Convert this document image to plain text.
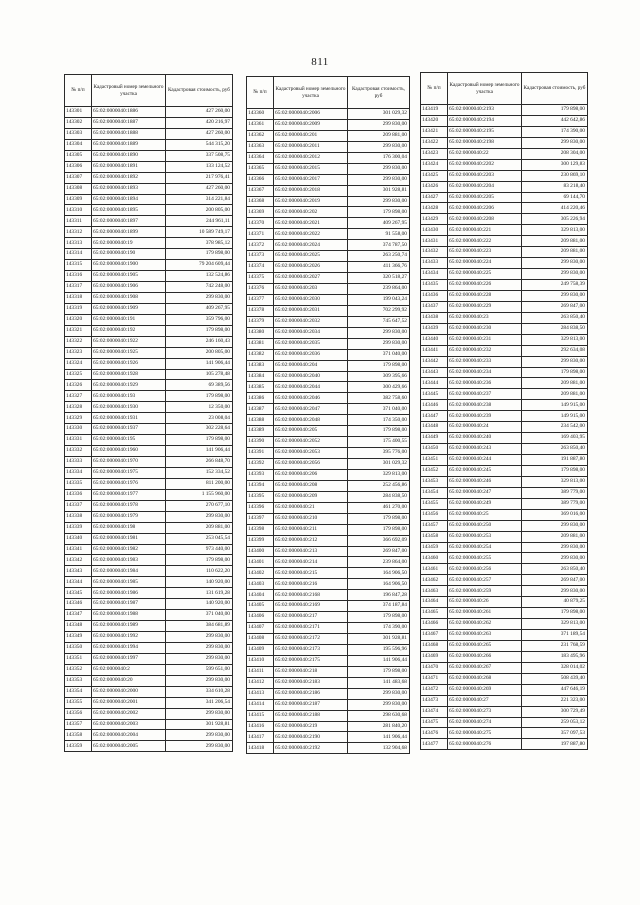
811
№ п/п	Кадастровый номер земельного участка	Кадастровая стоимость, руб
143301	65:02:0000040:1886	427 260,00
143302	65:02:0000040:1887	420 216,97
143303	65:02:0000040:1888	427 260,00
143304	65:02:0000040:1889	544 315,20
143305	65:02:0000040:1890	337 508,75
143306	65:02:0000040:1891	133 124,52
143307	65:02:0000040:1892	217 976,41
143308	65:02:0000040:1893	427 260,00
143309	65:02:0000040:1894	314 221,84
143310	65:02:0000040:1895	200 805,00
143311	65:02:0000040:1897	244 961,11
143312	65:02:0000040:1899	10 589 749,17
143313	65:02:0000040:19	378 985,12
143314	65:02:0000040:190	179 898,00
143315	65:02:0000040:1900	79 204 609,44
143316	65:02:0000040:1905	132 524,86
143317	65:02:0000040:1906	742 248,00
143318	65:02:0000040:1908	299 830,00
143319	65:02:0000040:1909	409 267,95
143320	65:02:0000040:191	359 796,00
143321	65:02:0000040:192	179 898,00
143322	65:02:0000040:1922	246 160,43
143323	65:02:0000040:1925	200 805,00
143324	65:02:0000040:1926	141 906,44
143325	65:02:0000040:1928	105 278,48
143326	65:02:0000040:1929	69 389,56
143327	65:02:0000040:193	179 898,00
143328	65:02:0000040:1930	12 350,00
143329	65:02:0000040:1931	23 008,04
143330	65:02:0000040:1937	302 228,64
143331	65:02:0000040:195	179 898,00
143332	65:02:0000040:1960	141 906,44
143333	65:02:0000040:1970	266 848,70
143334	65:02:0000040:1975	152 334,52
143335	65:02:0000040:1976	811 200,00
143336	65:02:0000040:1977	1 155 960,00
143337	65:02:0000040:1978	270 677,10
143338	65:02:0000040:1979	299 830,00
143339	65:02:0000040:198	209 881,00
143340	65:02:0000040:1981	253 045,54
143341	65:02:0000040:1982	973 440,00
143342	65:02:0000040:1983	179 898,00
143343	65:02:0000040:1984	110 622,20
143344	65:02:0000040:1985	140 920,00
143345	65:02:0000040:1986	131 619,28
143346	65:02:0000040:1987	140 920,00
143347	65:02:0000040:1988	371 040,00
143348	65:02:0000040:1989	384 681,89
143349	65:02:0000040:1992	299 830,00
143350	65:02:0000040:1994	299 830,00
143351	65:02:0000040:1997	299 830,00
143352	65:02:0000040:2	599 651,00
143353	65:02:0000040:20	299 830,00
143354	65:02:0000040:2000	334 610,28
143355	65:02:0000040:2001	341 206,54
143356	65:02:0000040:2002	299 830,00
143357	65:02:0000040:2003	301 928,81
143358	65:02:0000040:2004	299 830,00
143359	65:02:0000040:2005	299 830,00
№ п/п	Кадастровый номер земельного участка	Кадастровая стоимость, руб
143360	65:02:0000040:2006	301 029,32
143361	65:02:0000040:2009	299 830,00
143362	65:02:0000040:201	209 881,00
143363	65:02:0000040:2011	299 830,00
143364	65:02:0000040:2012	176 300,04
143365	65:02:0000040:2015	299 830,00
143366	65:02:0000040:2017	299 830,00
143367	65:02:0000040:2018	301 928,81
143368	65:02:0000040:2019	299 830,00
143369	65:02:0000040:202	179 898,00
143370	65:02:0000040:2021	409 267,95
143371	65:02:0000040:2022	91 558,00
143372	65:02:0000040:2024	374 787,50
143373	65:02:0000040:2025	263 250,74
143374	65:02:0000040:2026	411 366,76
143375	65:02:0000040:2027	320 518,27
143376	65:02:0000040:203	239 864,00
143377	65:02:0000040:2030	199 043,24
143378	65:02:0000040:2031	702 299,92
143379	65:02:0000040:2032	745 647,52
143380	65:02:0000040:2034	299 830,00
143381	65:02:0000040:2035	299 830,00
143382	65:02:0000040:2036	371 040,00
143383	65:02:0000040:204	179 898,00
143384	65:02:0000040:2040	309 395,66
143385	65:02:0000040:2044	300 429,66
143386	65:02:0000040:2046	382 758,60
143387	65:02:0000040:2047	371 040,00
143388	65:02:0000040:2048	174 350,00
143389	65:02:0000040:205	179 898,00
143390	65:02:0000040:2052	175 400,55
143391	65:02:0000040:2053	395 776,00
143392	65:02:0000040:2056	301 029,32
143393	65:02:0000040:206	329 813,00
143394	65:02:0000040:208	252 456,86
143395	65:02:0000040:209	284 838,50
143396	65:02:0000040:21	461 270,00
143397	65:02:0000040:210	179 898,00
143398	65:02:0000040:211	179 898,00
143399	65:02:0000040:212	366 692,09
143400	65:02:0000040:213	269 847,00
143401	65:02:0000040:214	239 864,00
143402	65:02:0000040:215	164 906,50
143403	65:02:0000040:216	164 906,50
143404	65:02:0000040:2168	196 847,28
143405	65:02:0000040:2169	374 187,84
143406	65:02:0000040:217	179 898,00
143407	65:02:0000040:2171	174 390,00
143408	65:02:0000040:2172	301 928,81
143409	65:02:0000040:2173	195 596,96
143410	65:02:0000040:2175	141 906,44
143411	65:02:0000040:218	179 898,00
143412	65:02:0000040:2183	141 483,68
143413	65:02:0000040:2186	299 830,00
143414	65:02:0000040:2187	299 830,00
143415	65:02:0000040:2188	298 630,68
143416	65:02:0000040:219	281 840,20
143417	65:02:0000040:2190	141 906,44
143418	65:02:0000040:2192	132 904,68
№ п/п	Кадастровый номер земельного участка	Кадастровая стоимость, руб
143419	65:02:0000040:2193	179 898,00
143420	65:02:0000040:2194	442 642,86
143421	65:02:0000040:2195	174 390,00
143422	65:02:0000040:2198	299 830,00
143423	65:02:0000040:22	208 304,00
143424	65:02:0000040:2202	300 129,83
143425	65:02:0000040:2203	230 869,10
143426	65:02:0000040:2204	83 218,40
143427	65:02:0000040:2205	69 144,70
143428	65:02:0000040:2206	414 220,46
143429	65:02:0000040:2208	305 226,94
143430	65:02:0000040:221	329 813,00
143431	65:02:0000040:222	209 881,00
143432	65:02:0000040:223	209 881,00
143433	65:02:0000040:224	299 830,00
143434	65:02:0000040:225	299 830,00
143435	65:02:0000040:226	249 758,39
143436	65:02:0000040:228	299 830,00
143437	65:02:0000040:229	269 847,00
143438	65:02:0000040:23	263 850,40
143439	65:02:0000040:230	284 838,50
143440	65:02:0000040:231	329 813,00
143441	65:02:0000040:232	292 634,08
143442	65:02:0000040:233	299 830,00
143443	65:02:0000040:234	179 898,00
143444	65:02:0000040:236	209 881,00
143445	65:02:0000040:237	209 881,00
143446	65:02:0000040:238	149 915,00
143447	65:02:0000040:239	149 915,00
143448	65:02:0000040:24	234 542,00
143449	65:02:0000040:240	169 403,95
143450	65:02:0000040:243	263 850,40
143451	65:02:0000040:244	191 887,80
143452	65:02:0000040:245	179 898,00
143453	65:02:0000040:246	329 813,00
143454	65:02:0000040:247	389 779,00
143455	65:02:0000040:249	389 779,00
143456	65:02:0000040:25	369 016,00
143457	65:02:0000040:250	299 830,00
143458	65:02:0000040:253	209 881,00
143459	65:02:0000040:254	299 830,00
143460	65:02:0000040:255	299 830,00
143461	65:02:0000040:256	263 850,40
143462	65:02:0000040:257	269 847,00
143463	65:02:0000040:259	299 830,00
143464	65:02:0000040:26	40 879,25
143465	65:02:0000040:261	179 898,00
143466	65:02:0000040:262	329 813,00
143467	65:02:0000040:263	371 189,54
143468	65:02:0000040:265	231 768,59
143469	65:02:0000040:266	183 495,96
143470	65:02:0000040:267	328 014,02
143471	65:02:0000040:268	508 439,40
143472	65:02:0000040:269	447 646,19
143473	65:02:0000040:27	221 323,00
143474	65:02:0000040:273	300 729,49
143475	65:02:0000040:274	259 053,12
143476	65:02:0000040:275	357 097,53
143477	65:02:0000040:276	197 887,80
